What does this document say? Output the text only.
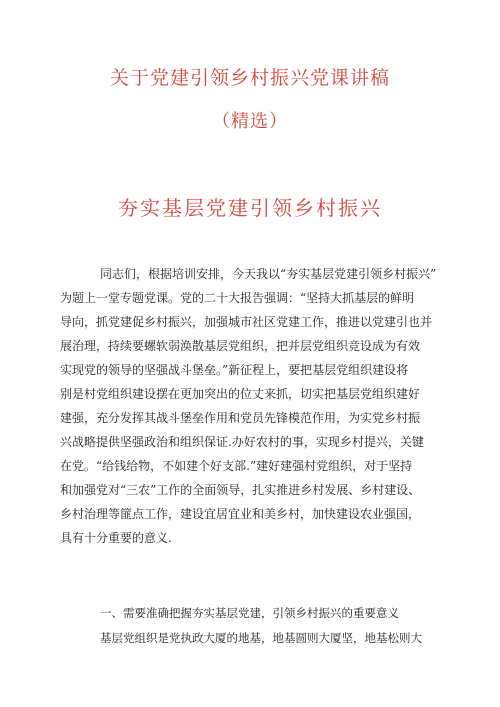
关于党建引领乡村振兴党课讲稿
（精选）
夯实基层党建引领乡村振兴
同志们，根据培训安排，今天我以“夯实基层党建引领乡村振兴”
为题上一堂专题党课。党的二十大报告强调：“坚持大抓基层的鲜明
导向，抓党建促乡村振兴，加强城市社区党建工作，推进以党建引也并
展治理，持续要螺软弱涣散基层党组织，把并层党组织竞设成为有效
实现党的领导的坚强战斗堡垒。”新征程上，要把基层党组织建设将
别是村党组织建设摆在更加突出的位丈来抓，切实把基层党组织建好
建强，充分发挥其战斗堡垒作用和党员先锋模范作用，为实党乡村振
兴战略提供坚强政治和组织保证.办好农村的事，实现乡村提兴，关键
在党。“给钱给物，不如建个好支部.”建好建强村党组织，对于坚持
和加强党对“三农”工作的全面领导，扎实推进乡村发展、乡村建设、
乡村治理等篚点工作，建设宜居宜业和美乡村，加快建设农业强国，
具有十分重要的意义.
一、需要准确把握夯实基层党建，引领乡村振兴的重要意义
基层党组织是党执政大厦的地基，地基圆则大厦坚，地基松则大
